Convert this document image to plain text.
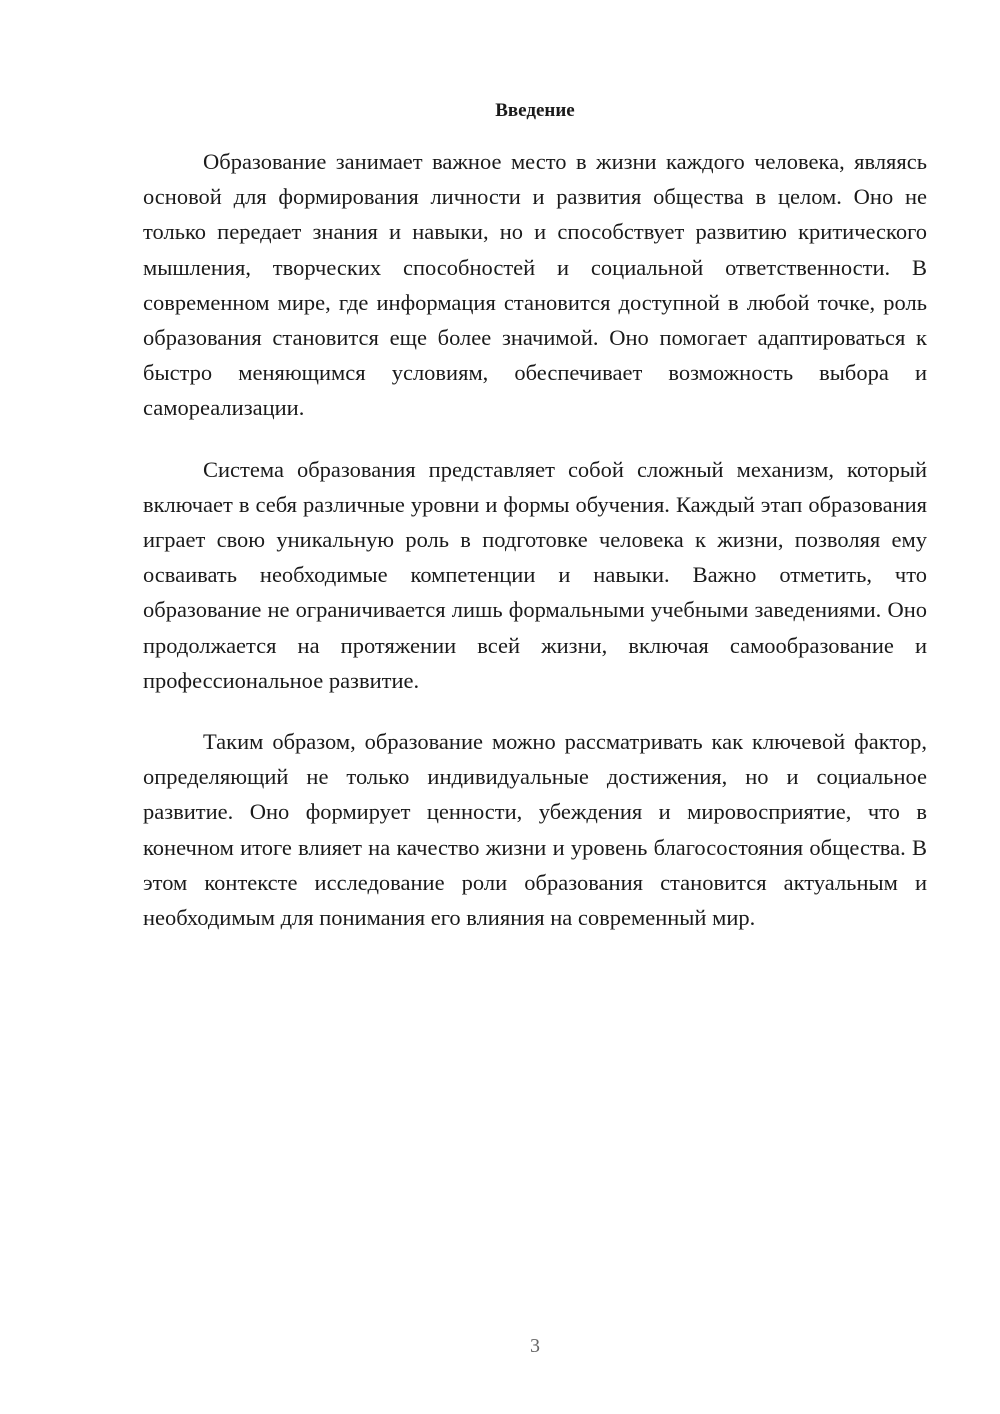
Введение

Образование занимает важное место в жизни каждого человека, являясь основой для формирования личности и развития общества в целом. Оно не только передает знания и навыки, но и способствует развитию критического мышления, творческих способностей и социальной ответственности. В современном мире, где информация становится доступной в любой точке, роль образования становится еще более значимой. Оно помогает адаптироваться к быстро меняющимся условиям, обеспечивает возможность выбора и самореализации.

Система образования представляет собой сложный механизм, который включает в себя различные уровни и формы обучения. Каждый этап образования играет свою уникальную роль в подготовке человека к жизни, позволяя ему осваивать необходимые компетенции и навыки. Важно отметить, что образование не ограничивается лишь формальными учебными заведениями. Оно продолжается на протяжении всей жизни, включая самообразование и профессиональное развитие.

Таким образом, образование можно рассматривать как ключевой фактор, определяющий не только индивидуальные достижения, но и социальное развитие. Оно формирует ценности, убеждения и мировосприятие, что в конечном итоге влияет на качество жизни и уровень благосостояния общества. В этом контексте исследование роли образования становится актуальным и необходимым для понимания его влияния на современный мир.

3
